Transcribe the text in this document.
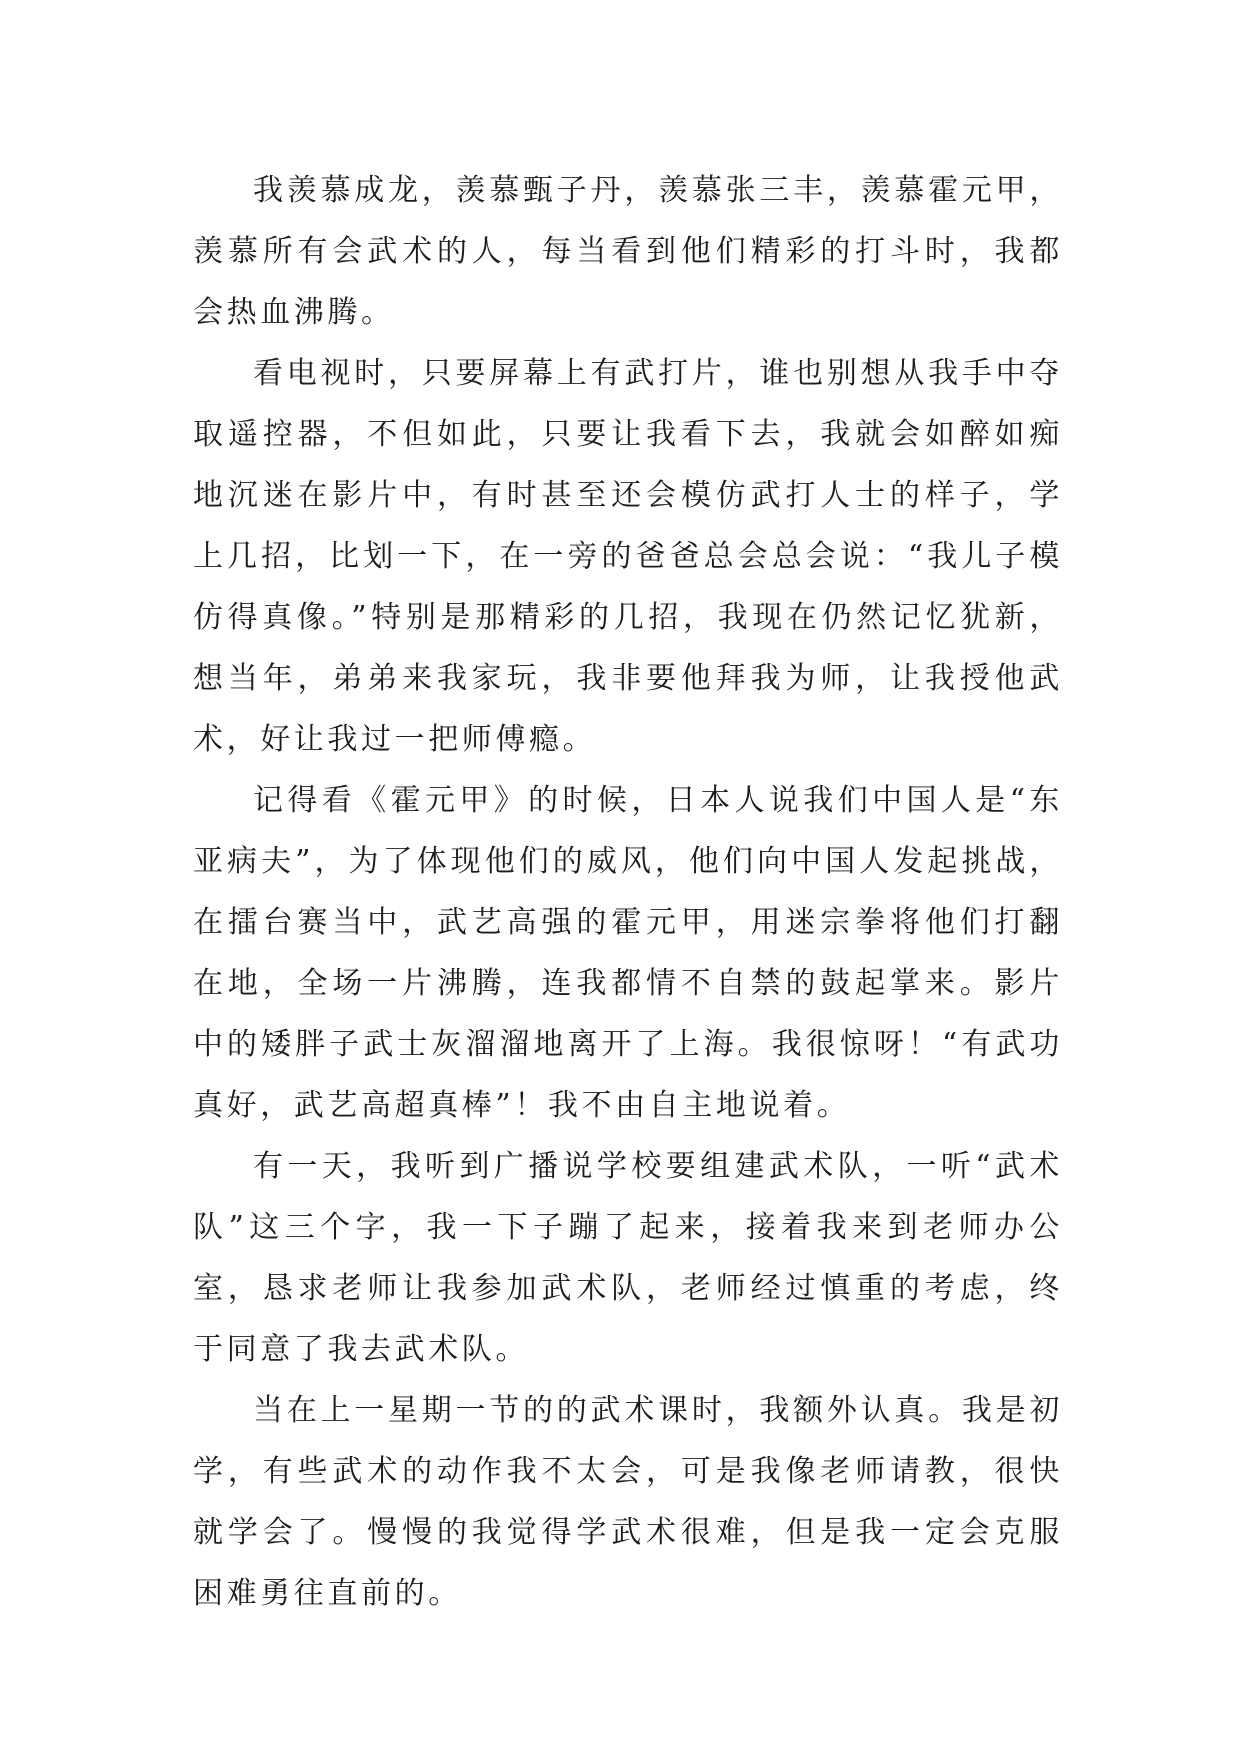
我羡慕成龙，羡慕甄子丹，羡慕张三丰，羡慕霍元甲，羡慕所有会武术的人，每当看到他们精彩的打斗时，我都会热血沸腾。

看电视时，只要屏幕上有武打片，谁也别想从我手中夺取遥控器，不但如此，只要让我看下去，我就会如醉如痴地沉迷在影片中，有时甚至还会模仿武打人士的样子，学上几招，比划一下，在一旁的爸爸总会总会说：“我儿子模仿得真像。”特别是那精彩的几招，我现在仍然记忆犹新，想当年，弟弟来我家玩，我非要他拜我为师，让我授他武术，好让我过一把师傅瘾。

记得看《霍元甲》的时候，日本人说我们中国人是“东亚病夫”，为了体现他们的威风，他们向中国人发起挑战，在擂台赛当中，武艺高强的霍元甲，用迷宗拳将他们打翻在地，全场一片沸腾，连我都情不自禁的鼓起掌来。影片中的矮胖子武士灰溜溜地离开了上海。我很惊呀！“有武功真好，武艺高超真棒”！我不由自主地说着。

有一天，我听到广播说学校要组建武术队，一听“武术队”这三个字，我一下子蹦了起来，接着我来到老师办公室，恳求老师让我参加武术队，老师经过慎重的考虑，终于同意了我去武术队。

当在上一星期一节的的武术课时，我额外认真。我是初学，有些武术的动作我不太会，可是我像老师请教，很快就学会了。慢慢的我觉得学武术很难，但是我一定会克服困难勇往直前的。
